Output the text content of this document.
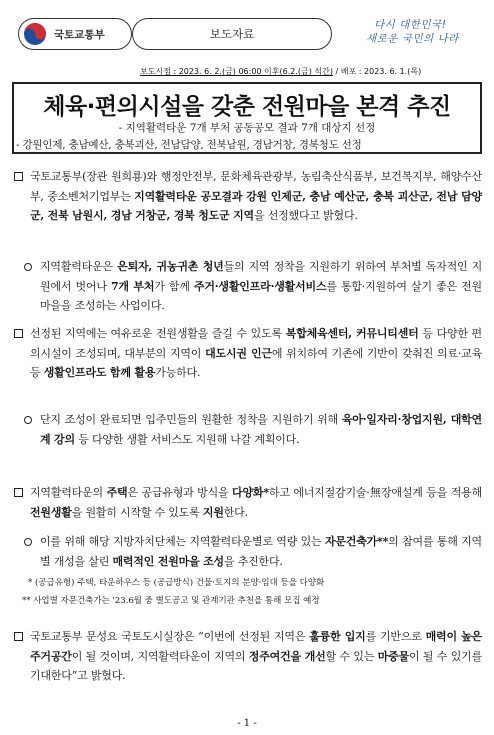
국토교통부	보도자료
다시 대한민국!
새로운 국민의 나라
보도시점 : 2023. 6. 2.(금) 06:00 이후(6.2.(금) 석간) / 배포 : 2023. 6. 1.(목)
체육·편의시설을 갖춘 전원마을 본격 추진
- 지역활력타운 7개 부처 공동공모 결과 7개 대상지 선정
- 강원인제, 충남예산, 충북괴산, 전남담양, 전북남원, 경남거창, 경북청도 선정
국토교통부(장관 원희룡)와 행정안전부, 문화체육관광부, 농림축산식품부, 보건복지부, 해양수산부, 중소벤처기업부는 지역활력타운 공모결과 강원 인제군, 충남 예산군, 충북 괴산군, 전남 담양군, 전북 남원시, 경남 거창군, 경북 청도군 지역을 선정했다고 밝혔다.
지역활력타운은 은퇴자, 귀농귀촌 청년들의 지역 정착을 지원하기 위하여 부처별 독자적인 지원에서 벗어나 7개 부처가 함께 주거·생활인프라·생활서비스를 통합·지원하여 살기 좋은 전원마을을 조성하는 사업이다.
선정된 지역에는 여유로운 전원생활을 즐길 수 있도록 복합체육센터, 커뮤니티센터 등 다양한 편의시설이 조성되며, 대부분의 지역이 대도시권 인근에 위치하여 기존에 기반이 갖춰진 의료·교육 등 생활인프라도 함께 활용가능하다.
단지 조성이 완료되면 입주민들의 원활한 정착을 지원하기 위해 육아·일자리·창업지원, 대학연계 강의 등 다양한 생활 서비스도 지원해 나갈 계획이다.
지역활력타운의 주택은 공급유형과 방식을 다양화*하고 에너지절감기술·無장애설계 등을 적용해 전원생활을 원활히 시작할 수 있도록 지원한다.
이를 위해 해당 지방자치단체는 지역활력타운별로 역량 있는 자문건축가**의 참여를 통해 지역별 개성을 살린 매력적인 전원마을 조성을 추진한다.
* (공급유형) 주택, 타운하우스 등 (공급방식) 건물·토지의 분양·임대 등을 다양화
** 사업별 자문건축가는 '23.6월 중 별도공고 및 관계기관 추천을 통해 모집 예정
국토교통부 문성요 국토도시실장은 “이번에 선정된 지역은 훌륭한 입지를 기반으로 매력이 높은 주거공간이 될 것이며, 지역활력타운이 지역의 정주여건을 개선할 수 있는 마중물이 될 수 있기를 기대한다”고 밝혔다.
- 1 -
